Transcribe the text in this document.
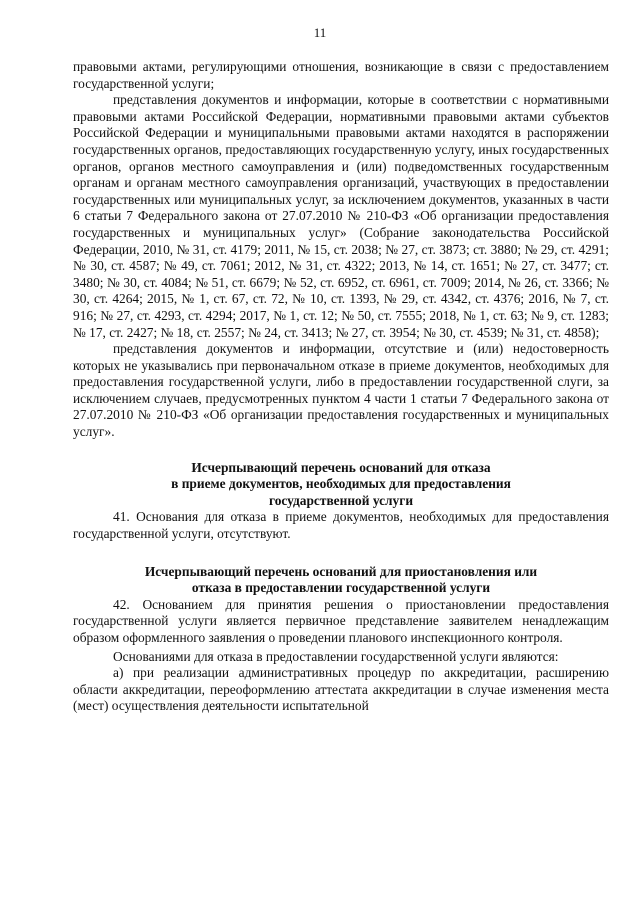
11

правовыми актами, регулирующими отношения, возникающие в связи с предоставлением государственной услуги;

представления документов и информации, которые в соответствии с нормативными правовыми актами Российской Федерации, нормативными правовыми актами субъектов Российской Федерации и муниципальными правовыми актами находятся в распоряжении государственных органов, предоставляющих государственную услугу, иных государственных органов, органов местного самоуправления и (или) подведомственных государственным органам и органам местного самоуправления организаций, участвующих в предоставлении государственных или муниципальных услуг, за исключением документов, указанных в части 6 статьи 7 Федерального закона от 27.07.2010 № 210-ФЗ «Об организации предоставления государственных и муниципальных услуг» (Собрание законодательства Российской Федерации, 2010, № 31, ст. 4179; 2011, № 15, ст. 2038; № 27, ст. 3873; ст. 3880; № 29, ст. 4291; № 30, ст. 4587; № 49, ст. 7061; 2012, № 31, ст. 4322; 2013, № 14, ст. 1651; № 27, ст. 3477; ст. 3480; № 30, ст. 4084; № 51, ст. 6679; № 52, ст. 6952, ст. 6961, ст. 7009; 2014, № 26, ст. 3366; № 30, ст. 4264; 2015, № 1, ст. 67, ст. 72, № 10, ст. 1393, № 29, ст. 4342, ст. 4376; 2016, № 7, ст. 916; № 27, ст. 4293, ст. 4294; 2017, № 1, ст. 12; № 50, ст. 7555; 2018, № 1, ст. 63; № 9, ст. 1283; № 17, ст. 2427; № 18, ст. 2557; № 24, ст. 3413; № 27, ст. 3954; № 30, ст. 4539; № 31, ст. 4858);

представления документов и информации, отсутствие и (или) недостоверность которых не указывались при первоначальном отказе в приеме документов, необходимых для предоставления государственной услуги, либо в предоставлении государственной слуги, за исключением случаев, предусмотренных пунктом 4 части 1 статьи 7 Федерального закона от 27.07.2010 № 210-ФЗ «Об организации предоставления государственных и муниципальных услуг».

Исчерпывающий перечень оснований для отказа
в приеме документов, необходимых для предоставления
государственной услуги

41. Основания для отказа в приеме документов, необходимых для предоставления государственной услуги, отсутствуют.

Исчерпывающий перечень оснований для приостановления или
отказа в предоставлении государственной услуги

42. Основанием для принятия решения о приостановлении предоставления государственной услуги является первичное представление заявителем ненадлежащим образом оформленного заявления о проведении планового инспекционного контроля.

Основаниями для отказа в предоставлении государственной услуги являются:

а) при реализации административных процедур по аккредитации, расширению области аккредитации, переоформлению аттестата аккредитации в случае изменения места (мест) осуществления деятельности испытательной
